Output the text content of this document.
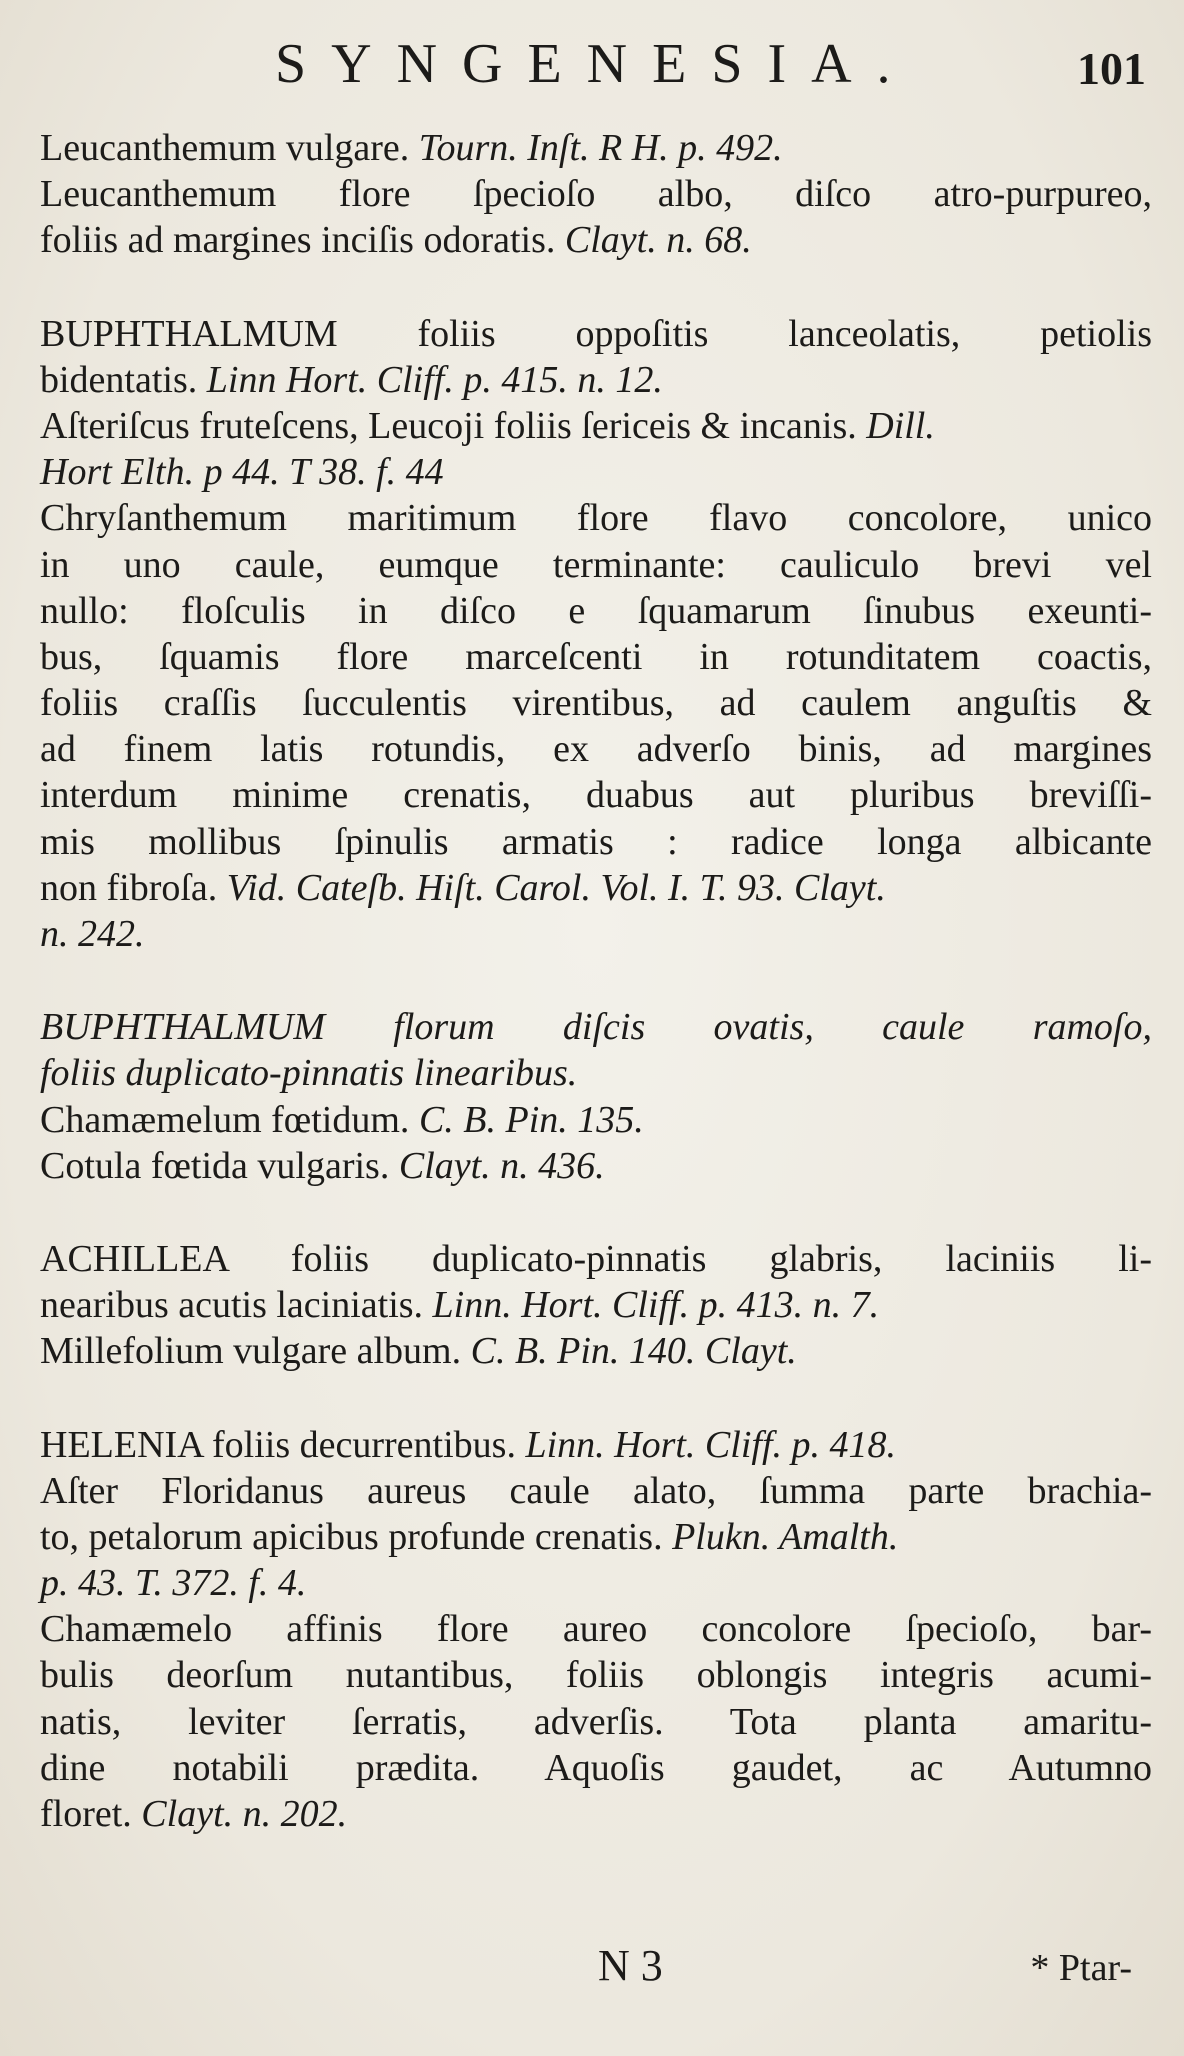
SYNGENESIA.	101
Leucanthemum vulgare. Tourn. Inſt. R H. p. 492.
Leucanthemum flore ſpecioſo albo, diſco atro-purpureo,
foliis ad margines inciſis odoratis. Clayt. n. 68.
BUPHTHALMUM foliis oppoſitis lanceolatis, petiolis
bidentatis. Linn Hort. Cliff. p. 415. n. 12.
Aſteriſcus fruteſcens, Leucoji foliis ſericeis & incanis. Dill.
Hort Elth. p 44. T 38. f. 44
Chryſanthemum maritimum flore flavo concolore, unico
in uno caule, eumque terminante: cauliculo brevi vel
nullo: floſculis in diſco e ſquamarum ſinubus exeunti-
bus, ſquamis flore marceſcenti in rotunditatem coactis,
foliis craſſis ſucculentis virentibus, ad caulem anguſtis &
ad finem latis rotundis, ex adverſo binis, ad margines
interdum minime crenatis, duabus aut pluribus breviſſi-
mis mollibus ſpinulis armatis : radice longa albicante
non fibroſa. Vid. Cateſb. Hiſt. Carol. Vol. I. T. 93. Clayt.
n. 242.
BUPHTHALMUM florum diſcis ovatis, caule ramoſo,
foliis duplicato-pinnatis linearibus.
Chamæmelum fœtidum. C. B. Pin. 135.
Cotula fœtida vulgaris. Clayt. n. 436.
ACHILLEA foliis duplicato-pinnatis glabris, laciniis li-
nearibus acutis laciniatis. Linn. Hort. Cliff. p. 413. n. 7.
Millefolium vulgare album. C. B. Pin. 140. Clayt.
HELENIA foliis decurrentibus. Linn. Hort. Cliff. p. 418.
Aſter Floridanus aureus caule alato, ſumma parte brachia-
to, petalorum apicibus profunde crenatis. Plukn. Amalth.
p. 43. T. 372. f. 4.
Chamæmelo affinis flore aureo concolore ſpecioſo, bar-
bulis deorſum nutantibus, foliis oblongis integris acumi-
natis, leviter ſerratis, adverſis. Tota planta amaritu-
dine notabili prædita. Aquoſis gaudet, ac Autumno
floret. Clayt. n. 202.
N 3	* Ptar-
